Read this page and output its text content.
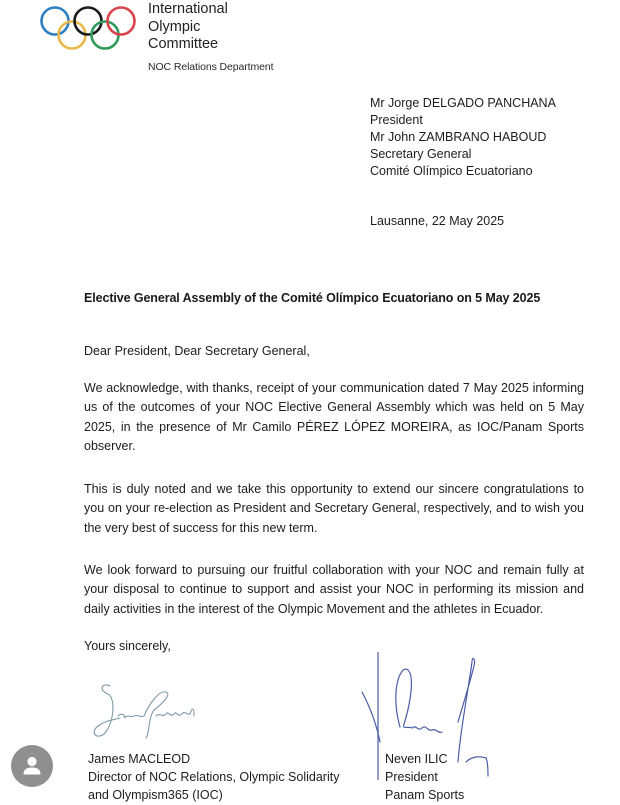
International
Olympic
Committee
NOC Relations Department
Mr Jorge DELGADO PANCHANA
President
Mr John ZAMBRANO HABOUD
Secretary General
Comité Olímpico Ecuatoriano
Lausanne, 22 May 2025
Elective General Assembly of the Comité Olímpico Ecuatoriano on 5 May 2025
Dear President, Dear Secretary General,
We acknowledge, with thanks, receipt of your communication dated 7 May 2025 informing us of the outcomes of your NOC Elective General Assembly which was held on 5 May 2025, in the presence of Mr Camilo PÉREZ LÓPEZ MOREIRA, as IOC/Panam Sports observer.
This is duly noted and we take this opportunity to extend our sincere congratulations to you on your re-election as President and Secretary General, respectively, and to wish you the very best of success for this new term.
We look forward to pursuing our fruitful collaboration with your NOC and remain fully at your disposal to continue to support and assist your NOC in performing its mission and daily activities in the interest of the Olympic Movement and the athletes in Ecuador.
Yours sincerely,
James MACLEOD
Director of NOC Relations, Olympic Solidarity
and Olympism365 (IOC)
Neven ILIC
President
Panam Sports
